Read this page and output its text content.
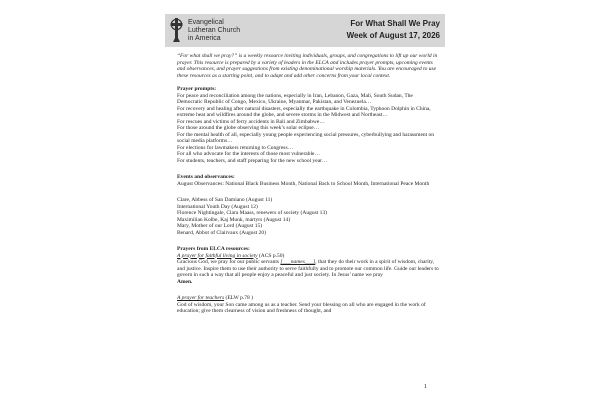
Evangelical
Lutheran Church
in America
For What Shall We Pray
Week of August 17, 2026

“For what shall we pray?” is a weekly resource inviting individuals, groups, and congregations to lift up our world in prayer. This resource is prepared by a variety of leaders in the ELCA and includes prayer prompts, upcoming events and observances, and prayer suggestions from existing denominational worship materials. You are encouraged to use these resources as a starting point, and to adapt and add other concerns from your local context.

Prayer prompts:

For peace and reconciliation among the nations, especially in Iran, Lebanon, Gaza, Mali, South Sudan, The Democratic Republic of Congo, Mexico, Ukraine, Myanmar, Pakistan, and Venezuela…

For recovery and healing after natural disasters, especially the earthquake in Colombia, Typhoon Dolphin in China, extreme heat and wildfires around the globe, and severe storms in the Midwest and Northeast…

For rescues and victims of ferry accidents in Bali and Zimbabwe…

For those around the globe observing this week’s solar eclipse…

For the mental health of all, especially young people experiencing social pressures, cyberbullying and harassment on social media platforms…

For elections for lawmakers returning to Congress…

For all who advocate for the interests of those most vulnerable…

For students, teachers, and staff preparing for the new school year…

Events and observances:

August Observances: National Black Business Month, National Back to School Month, International Peace Month

Clare, Abbess of San Damiano (August 11)

International Youth Day (August 12)

Florence Nightingale, Clara Maass, renewers of society (August 13)

Maximilian Kolbe, Kaj Munk, martyrs (August 14)

Mary, Mother of our Lord (August 15)

Benard, Abbot of Clairvaux (August 20)

Prayers from ELCA resources:

A prayer for faithful living in society (ACS p.50)

Gracious God, we pray for our public servants [___names___], that they do their work in a spirit of wisdom, charity, and justice. Inspire them to use their authority to serve faithfully and to promote our common life. Guide our leaders to govern in such a way that all people enjoy a peaceful and just society. In Jesus’ name we pray

Amen.

A prayer for teachers (ELW p.78 )

God of wisdom, your Son came among us as a teacher. Send your blessing on all who are engaged in the work of education; give them clearness of vision and freshness of thought, and

1
